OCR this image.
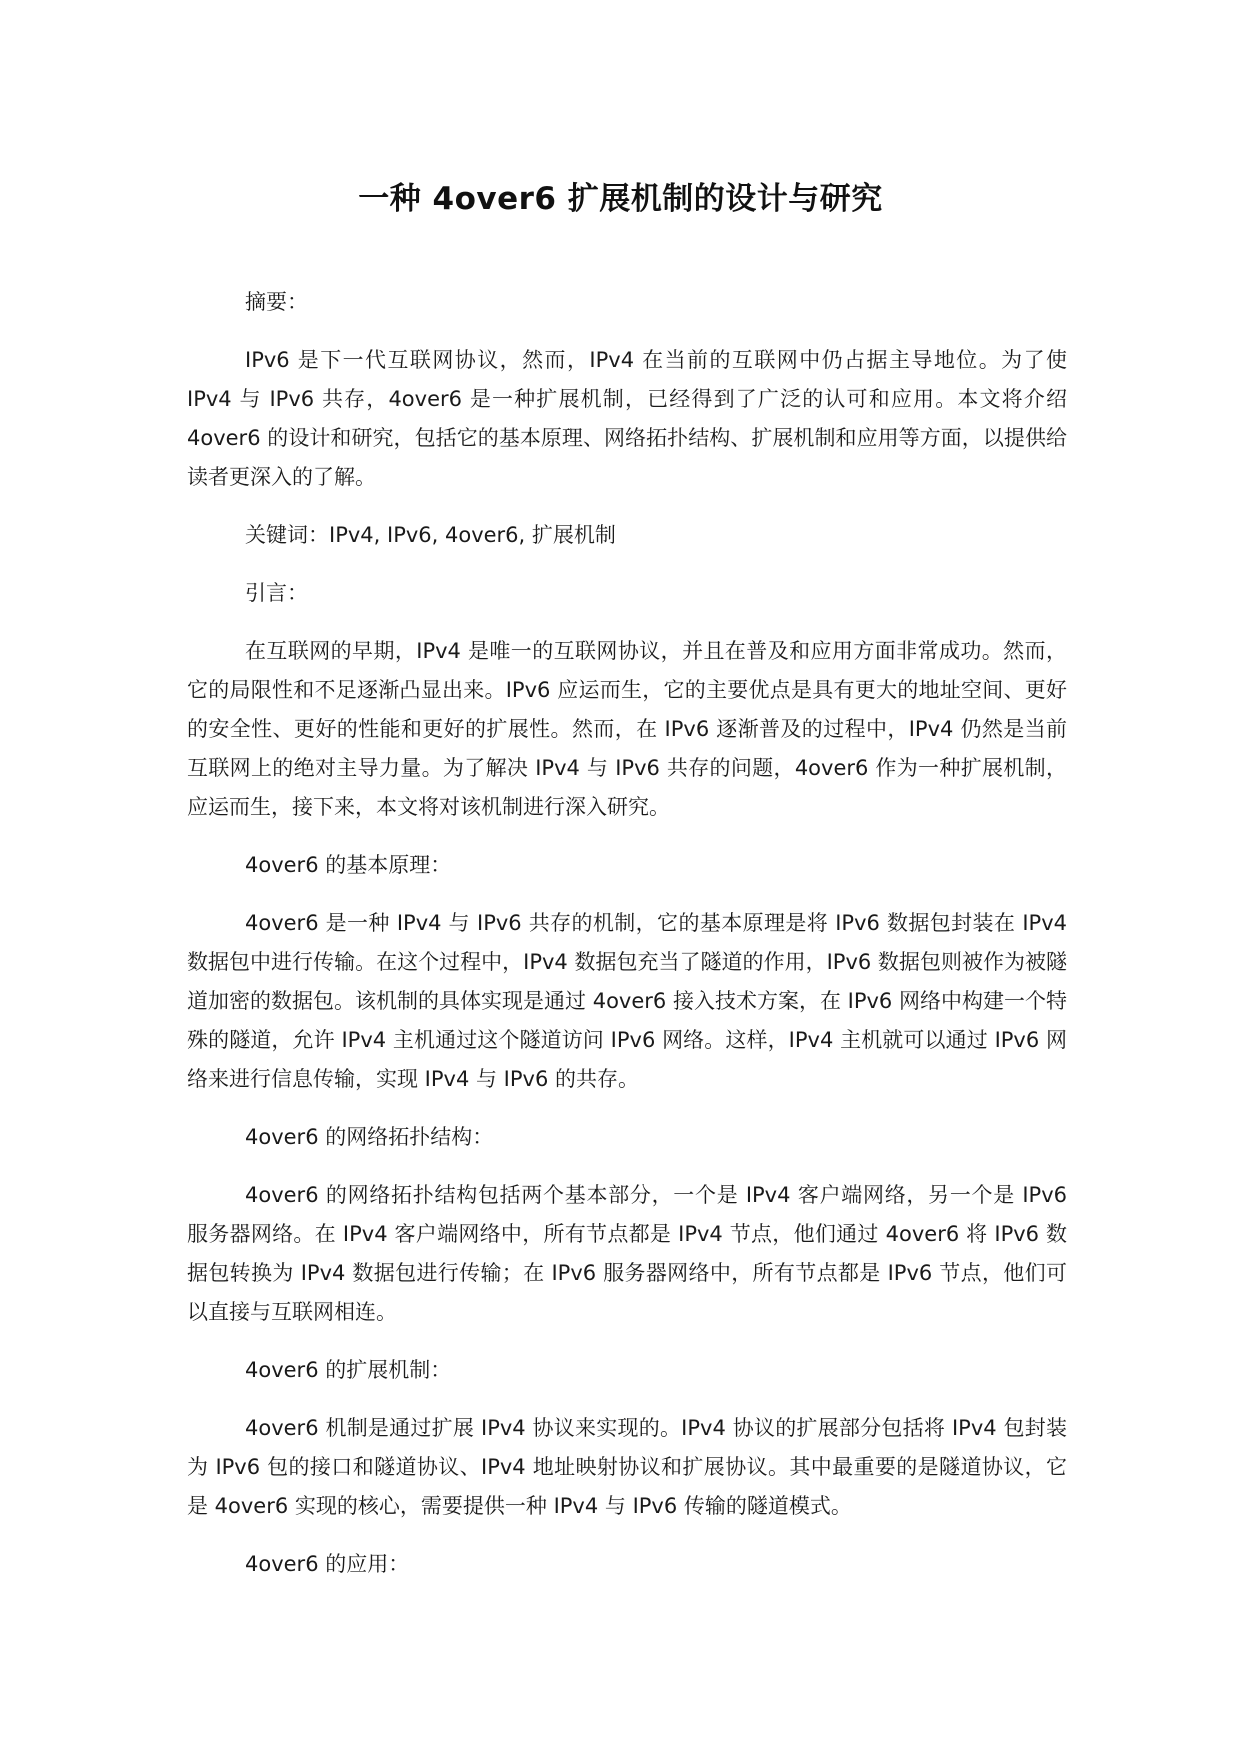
一种 4over6 扩展机制的设计与研究

摘要：

IPv6 是下一代互联网协议，然而，IPv4 在当前的互联网中仍占据主导地位。为了使 IPv4 与 IPv6 共存，4over6 是一种扩展机制，已经得到了广泛的认可和应用。本文将介绍 4over6 的设计和研究，包括它的基本原理、网络拓扑结构、扩展机制和应用等方面，以提供给读者更深入的了解。

关键词：IPv4, IPv6, 4over6, 扩展机制

引言：

在互联网的早期，IPv4 是唯一的互联网协议，并且在普及和应用方面非常成功。然而，它的局限性和不足逐渐凸显出来。IPv6 应运而生，它的主要优点是具有更大的地址空间、更好的安全性、更好的性能和更好的扩展性。然而，在 IPv6 逐渐普及的过程中，IPv4 仍然是当前互联网上的绝对主导力量。为了解决 IPv4 与 IPv6 共存的问题，4over6 作为一种扩展机制，应运而生，接下来，本文将对该机制进行深入研究。

4over6 的基本原理：

4over6 是一种 IPv4 与 IPv6 共存的机制，它的基本原理是将 IPv6 数据包封装在 IPv4 数据包中进行传输。在这个过程中，IPv4 数据包充当了隧道的作用，IPv6 数据包则被作为被隧道加密的数据包。该机制的具体实现是通过 4over6 接入技术方案，在 IPv6 网络中构建一个特殊的隧道，允许 IPv4 主机通过这个隧道访问 IPv6 网络。这样，IPv4 主机就可以通过 IPv6 网络来进行信息传输，实现 IPv4 与 IPv6 的共存。

4over6 的网络拓扑结构：

4over6 的网络拓扑结构包括两个基本部分，一个是 IPv4 客户端网络，另一个是 IPv6 服务器网络。在 IPv4 客户端网络中，所有节点都是 IPv4 节点，他们通过 4over6 将 IPv6 数据包转换为 IPv4 数据包进行传输；在 IPv6 服务器网络中，所有节点都是 IPv6 节点，他们可以直接与互联网相连。

4over6 的扩展机制：

4over6 机制是通过扩展 IPv4 协议来实现的。IPv4 协议的扩展部分包括将 IPv4 包封装为 IPv6 包的接口和隧道协议、IPv4 地址映射协议和扩展协议。其中最重要的是隧道协议，它是 4over6 实现的核心，需要提供一种 IPv4 与 IPv6 传输的隧道模式。

4over6 的应用：
